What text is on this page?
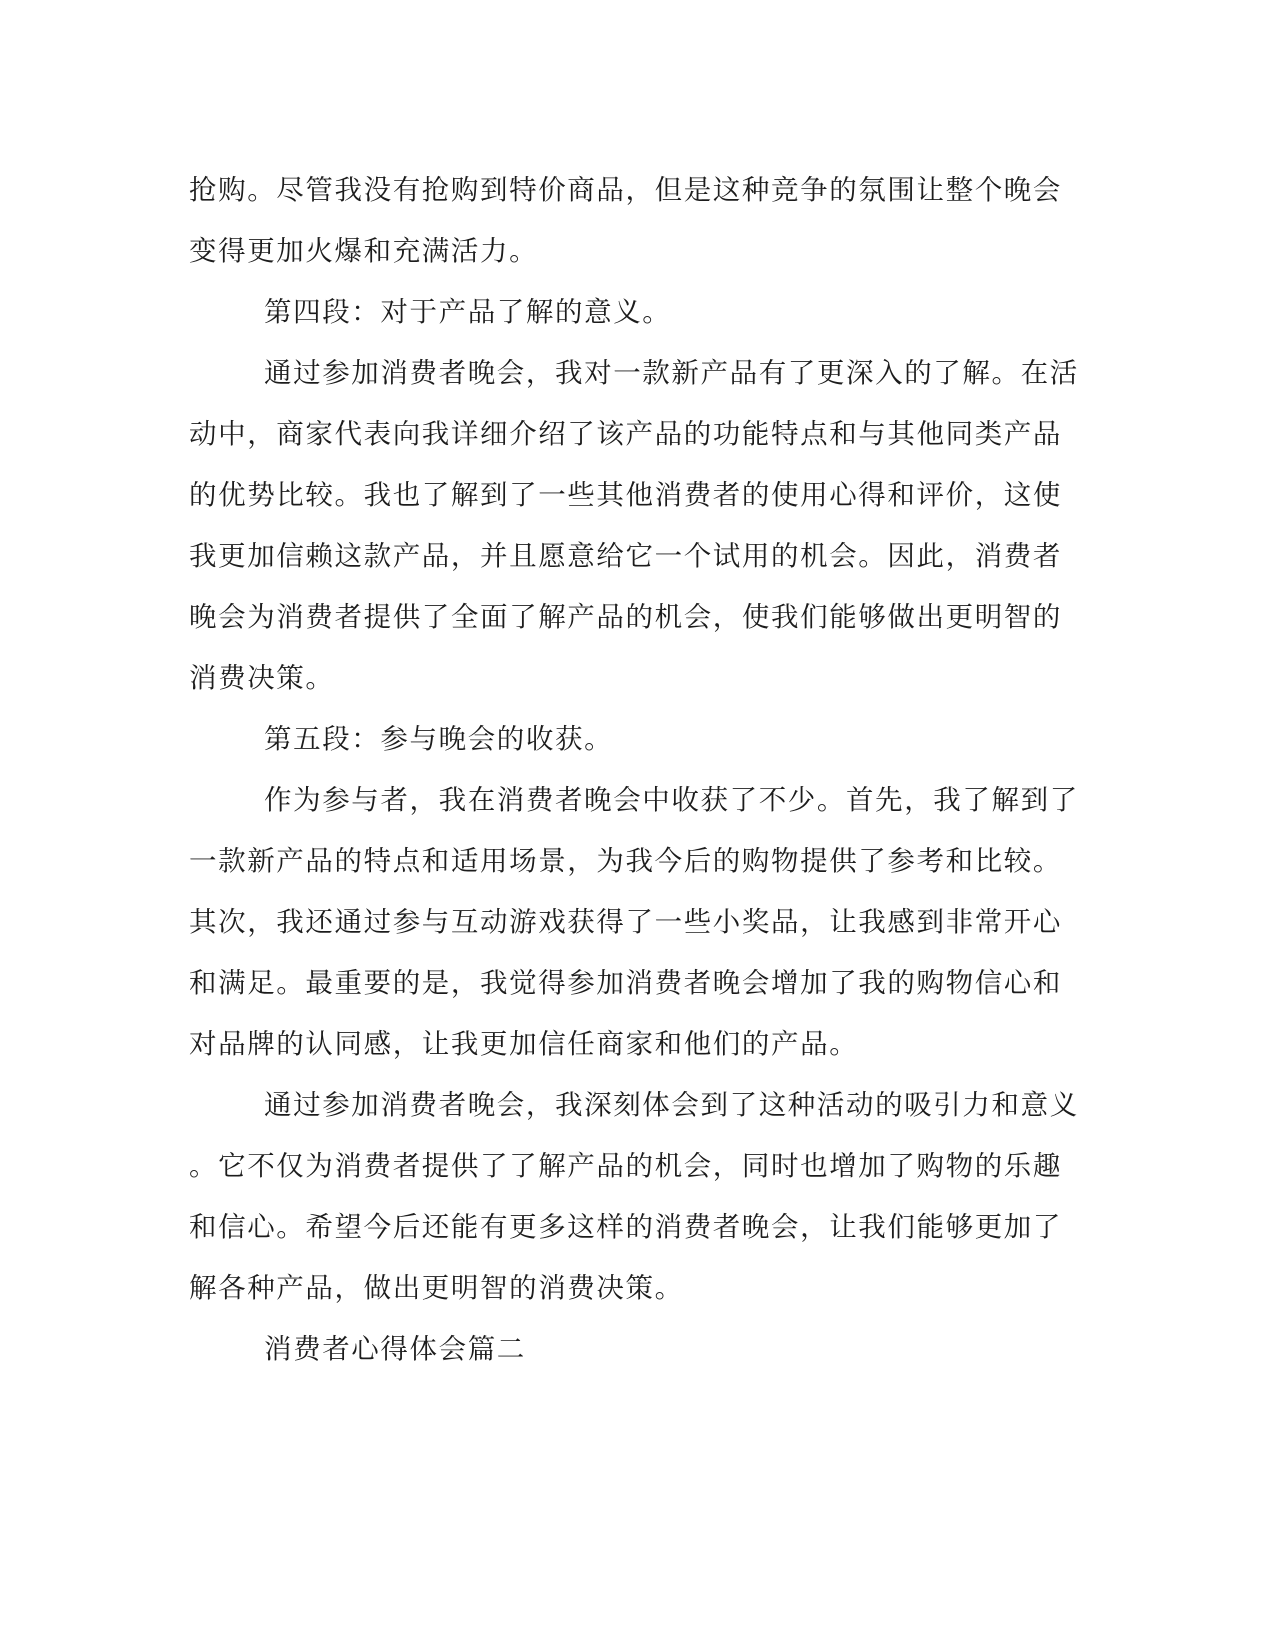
抢购。尽管我没有抢购到特价商品，但是这种竞争的氛围让整个晚会
变得更加火爆和充满活力。
第四段：对于产品了解的意义。
通过参加消费者晚会，我对一款新产品有了更深入的了解。在活
动中，商家代表向我详细介绍了该产品的功能特点和与其他同类产品
的优势比较。我也了解到了一些其他消费者的使用心得和评价，这使
我更加信赖这款产品，并且愿意给它一个试用的机会。因此，消费者
晚会为消费者提供了全面了解产品的机会，使我们能够做出更明智的
消费决策。
第五段：参与晚会的收获。
作为参与者，我在消费者晚会中收获了不少。首先，我了解到了
一款新产品的特点和适用场景，为我今后的购物提供了参考和比较。
其次，我还通过参与互动游戏获得了一些小奖品，让我感到非常开心
和满足。最重要的是，我觉得参加消费者晚会增加了我的购物信心和
对品牌的认同感，让我更加信任商家和他们的产品。
通过参加消费者晚会，我深刻体会到了这种活动的吸引力和意义
。它不仅为消费者提供了了解产品的机会，同时也增加了购物的乐趣
和信心。希望今后还能有更多这样的消费者晚会，让我们能够更加了
解各种产品，做出更明智的消费决策。
消费者心得体会篇二
